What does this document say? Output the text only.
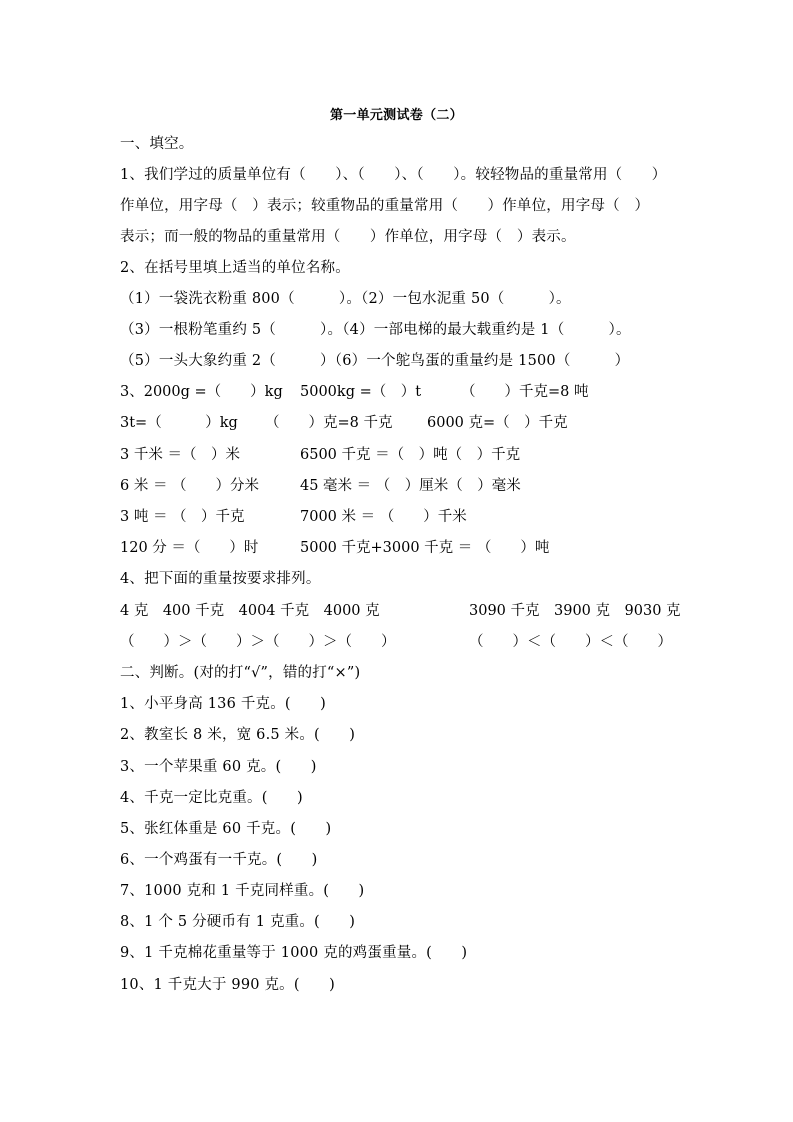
第一单元测试卷（二）
一、填空。
1、我们学过的质量单位有（　　）、（　　）、（　　）。较轻物品的重量常用（　　）
作单位，用字母（　）表示；较重物品的重量常用（　　）作单位，用字母（　）
表示；而一般的物品的重量常用（　　）作单位，用字母（　）表示。
2、在括号里填上适当的单位名称。
（1）一袋洗衣粉重 800（　　　）。（2）一包水泥重 50（　　　）。
（3）一根粉笔重约 5（　　　）。（4）一部电梯的最大载重约是 1（　　　）。
（5）一头大象约重 2（　　　）（6）一个鸵鸟蛋的重量约是 1500（　　　）
3、2000g =（　　）kg 5000kg =（　）t	（　　）千克=8 吨
3t=（　　　）kg （　　）克=8 千克 6000 克=（　）千克
3 千米 ＝（　）米	6500 千克 ＝（　）吨（　）千克
6 米 ＝ （　　）分米	45 毫米 ＝ （　）厘米（　）毫米
3 吨 ＝ （　）千克	7000 米 ＝ （　　）千米
120 分 ＝（　　）时	5000 千克+3000 千克 ＝ （　　）吨
4、把下面的重量按要求排列。
4 克　400 千克　4004 千克　4000 克	3090 千克　3900 克　9030 克
（　　）＞（　　）＞（　　）＞（　　）	（　　）＜（　　）＜（　　）
二、判断。(对的打“√”，错的打“×”)
1、小平身高 136 千克。(　　)
2、教室长 8 米，宽 6.5 米。(　　)
3、一个苹果重 60 克。(　　)
4、千克一定比克重。(　　)
5、张红体重是 60 千克。(　　)
6、一个鸡蛋有一千克。(　　)
7、1000 克和 1 千克同样重。(　　)
8、1 个 5 分硬币有 1 克重。(　　)
9、1 千克棉花重量等于 1000 克的鸡蛋重量。(　　)
10、1 千克大于 990 克。(　　)
